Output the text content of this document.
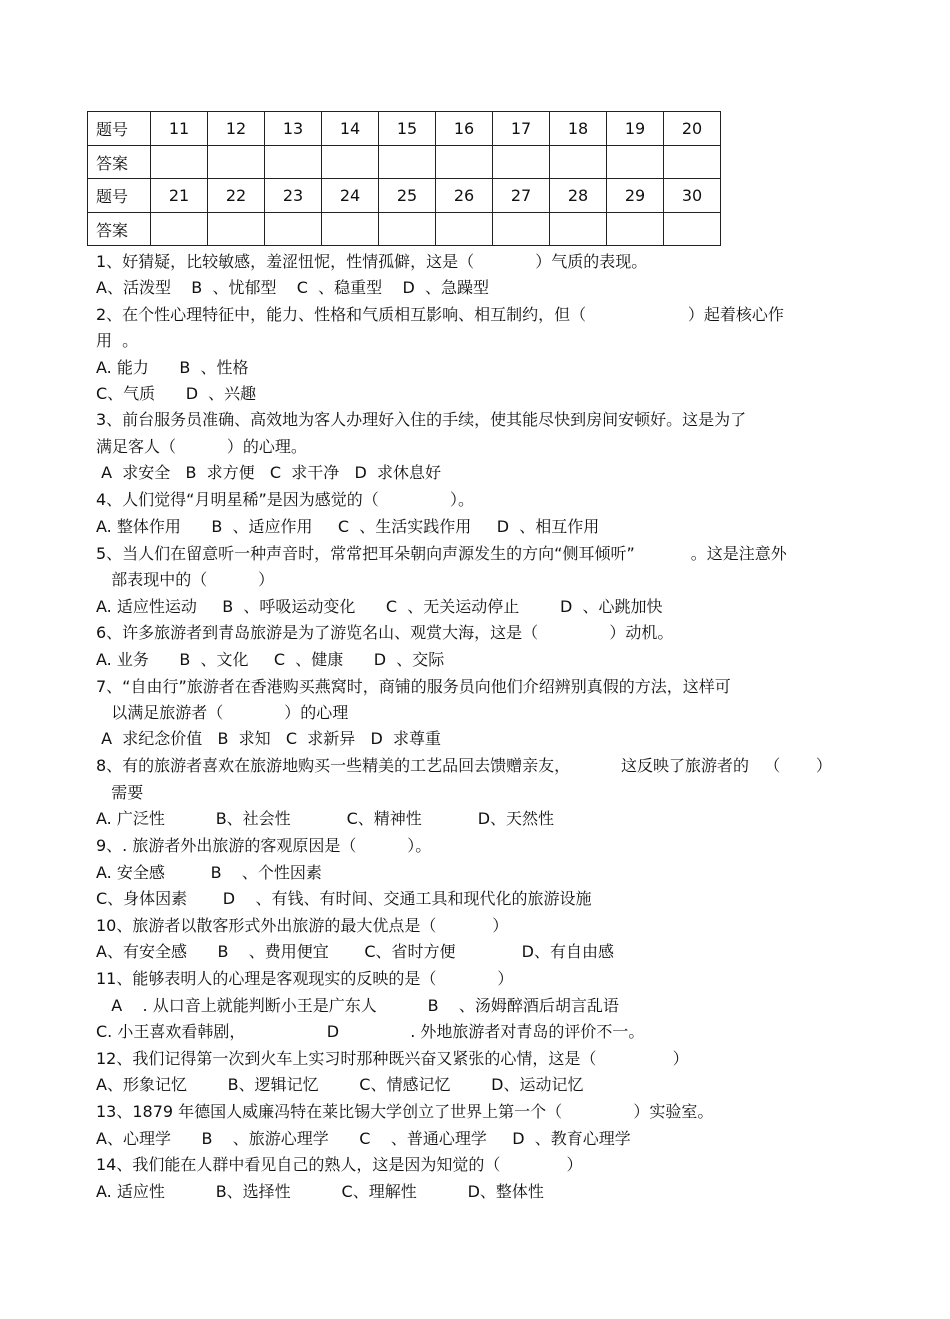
题号	11	12	13	14	15	16	17	18	19	20
答案										
题号	21	22	23	24	25	26	27	28	29	30
答案										
1、好猜疑，比较敏感，羞涩忸怩，性情孤僻，这是（            ）气质的表现。
A、活泼型    B  、忧郁型    C  、稳重型    D  、急躁型
2、在个性心理特征中，能力、性格和气质相互影响、相互制约，但（                    ）起着核心作
用  。
A. 能力      B  、性格
C、气质      D  、兴趣
3、前台服务员准确、高效地为客人办理好入住的手续，使其能尽快到房间安顿好。这是为了
满足客人（          ）的心理。
A  求安全   B  求方便   C  求干净   D  求休息好
4、人们觉得“月明星稀”是因为感觉的（              ）。
A. 整体作用      B  、适应作用     C  、生活实践作用     D  、相互作用
5、当人们在留意听一种声音时，常常把耳朵朝向声源发生的方向“侧耳倾听”           。这是注意外
部表现中的（          ）
A. 适应性运动     B  、呼吸运动变化      C  、无关运动停止        D  、心跳加快
6、许多旅游者到青岛旅游是为了游览名山、观赏大海，这是（              ）动机。
A. 业务      B  、文化     C  、健康      D  、交际
7、“自由行”旅游者在香港购买燕窝时，商铺的服务员向他们介绍辨别真假的方法，这样可
以满足旅游者（            ）的心理
A  求纪念价值   B  求知   C  求新异   D  求尊重
8、有的旅游者喜欢在旅游地购买一些精美的工艺品回去馈赠亲友，          这反映了旅游者的   （       ）
需要
A. 广泛性          B、社会性           C、精神性           D、天然性
9、. 旅游者外出旅游的客观原因是（          ）。
A. 安全感         B    、个性因素
C、身体因素       D    、有钱、有时间、交通工具和现代化的旅游设施
10、旅游者以散客形式外出旅游的最大优点是（           ）
A、有安全感      B    、费用便宜       C、省时方便             D、有自由感
11、能够表明人的心理是客观现实的反映的是（            ）
A    . 从口音上就能判断小王是广东人          B    、汤姆醉酒后胡言乱语
C. 小王喜欢看韩剧，                D              . 外地旅游者对青岛的评价不一。
12、我们记得第一次到火车上实习时那种既兴奋又紧张的心情，这是（               ）
A、形象记忆        B、逻辑记忆        C、情感记忆        D、运动记忆
13、1879 年德国人威廉冯特在莱比锡大学创立了世界上第一个（              ）实验室。
A、心理学      B    、旅游心理学      C    、普通心理学     D  、教育心理学
14、我们能在人群中看见自己的熟人，这是因为知觉的（             ）
A. 适应性          B、选择性          C、理解性          D、整体性
